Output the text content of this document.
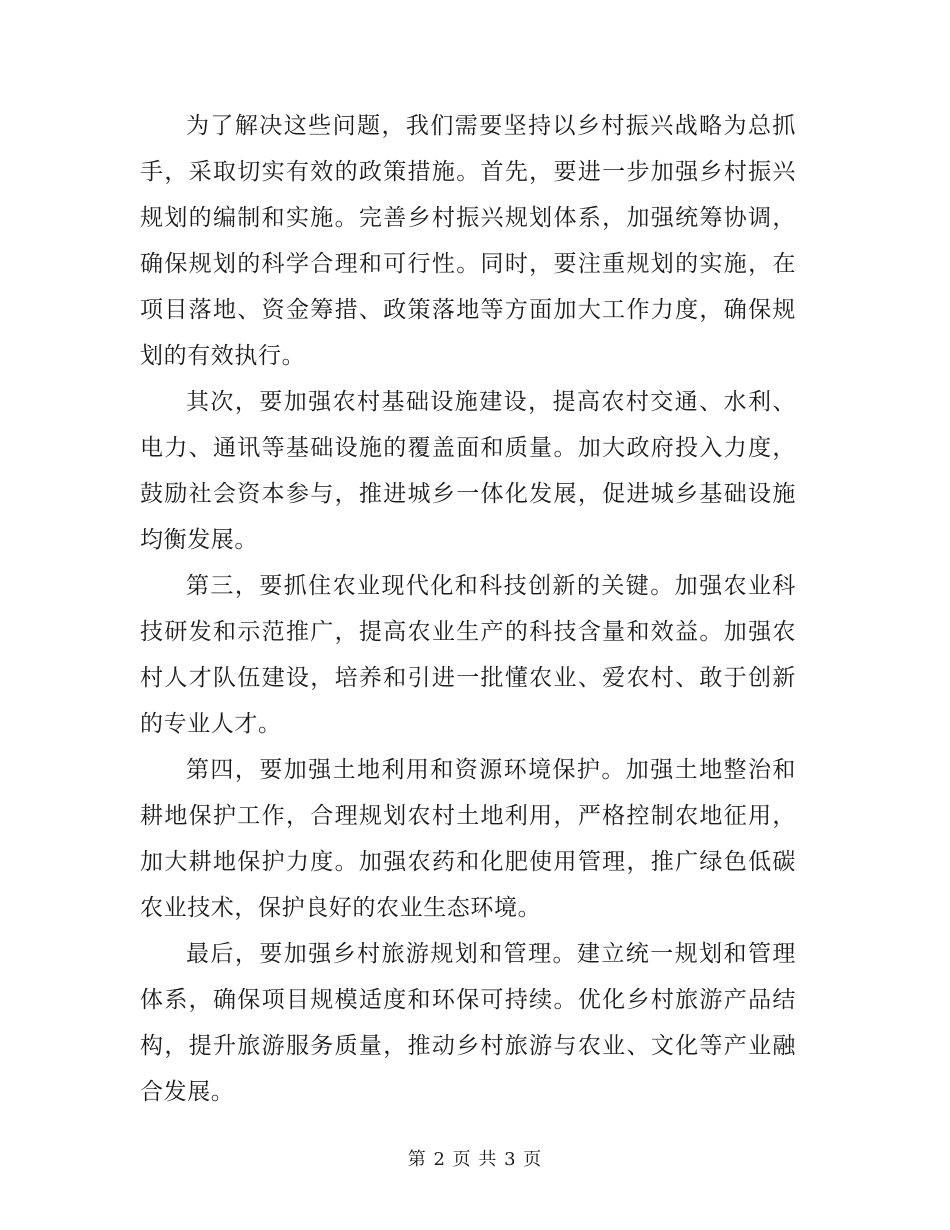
为了解决这些问题，我们需要坚持以乡村振兴战略为总抓手，采取切实有效的政策措施。首先，要进一步加强乡村振兴规划的编制和实施。完善乡村振兴规划体系，加强统筹协调，确保规划的科学合理和可行性。同时，要注重规划的实施，在项目落地、资金筹措、政策落地等方面加大工作力度，确保规划的有效执行。

其次，要加强农村基础设施建设，提高农村交通、水利、电力、通讯等基础设施的覆盖面和质量。加大政府投入力度，鼓励社会资本参与，推进城乡一体化发展，促进城乡基础设施均衡发展。

第三，要抓住农业现代化和科技创新的关键。加强农业科技研发和示范推广，提高农业生产的科技含量和效益。加强农村人才队伍建设，培养和引进一批懂农业、爱农村、敢于创新的专业人才。

第四，要加强土地利用和资源环境保护。加强土地整治和耕地保护工作，合理规划农村土地利用，严格控制农地征用，加大耕地保护力度。加强农药和化肥使用管理，推广绿色低碳农业技术，保护良好的农业生态环境。

最后，要加强乡村旅游规划和管理。建立统一规划和管理体系，确保项目规模适度和环保可持续。优化乡村旅游产品结构，提升旅游服务质量，推动乡村旅游与农业、文化等产业融合发展。

第 2 页 共 3 页
